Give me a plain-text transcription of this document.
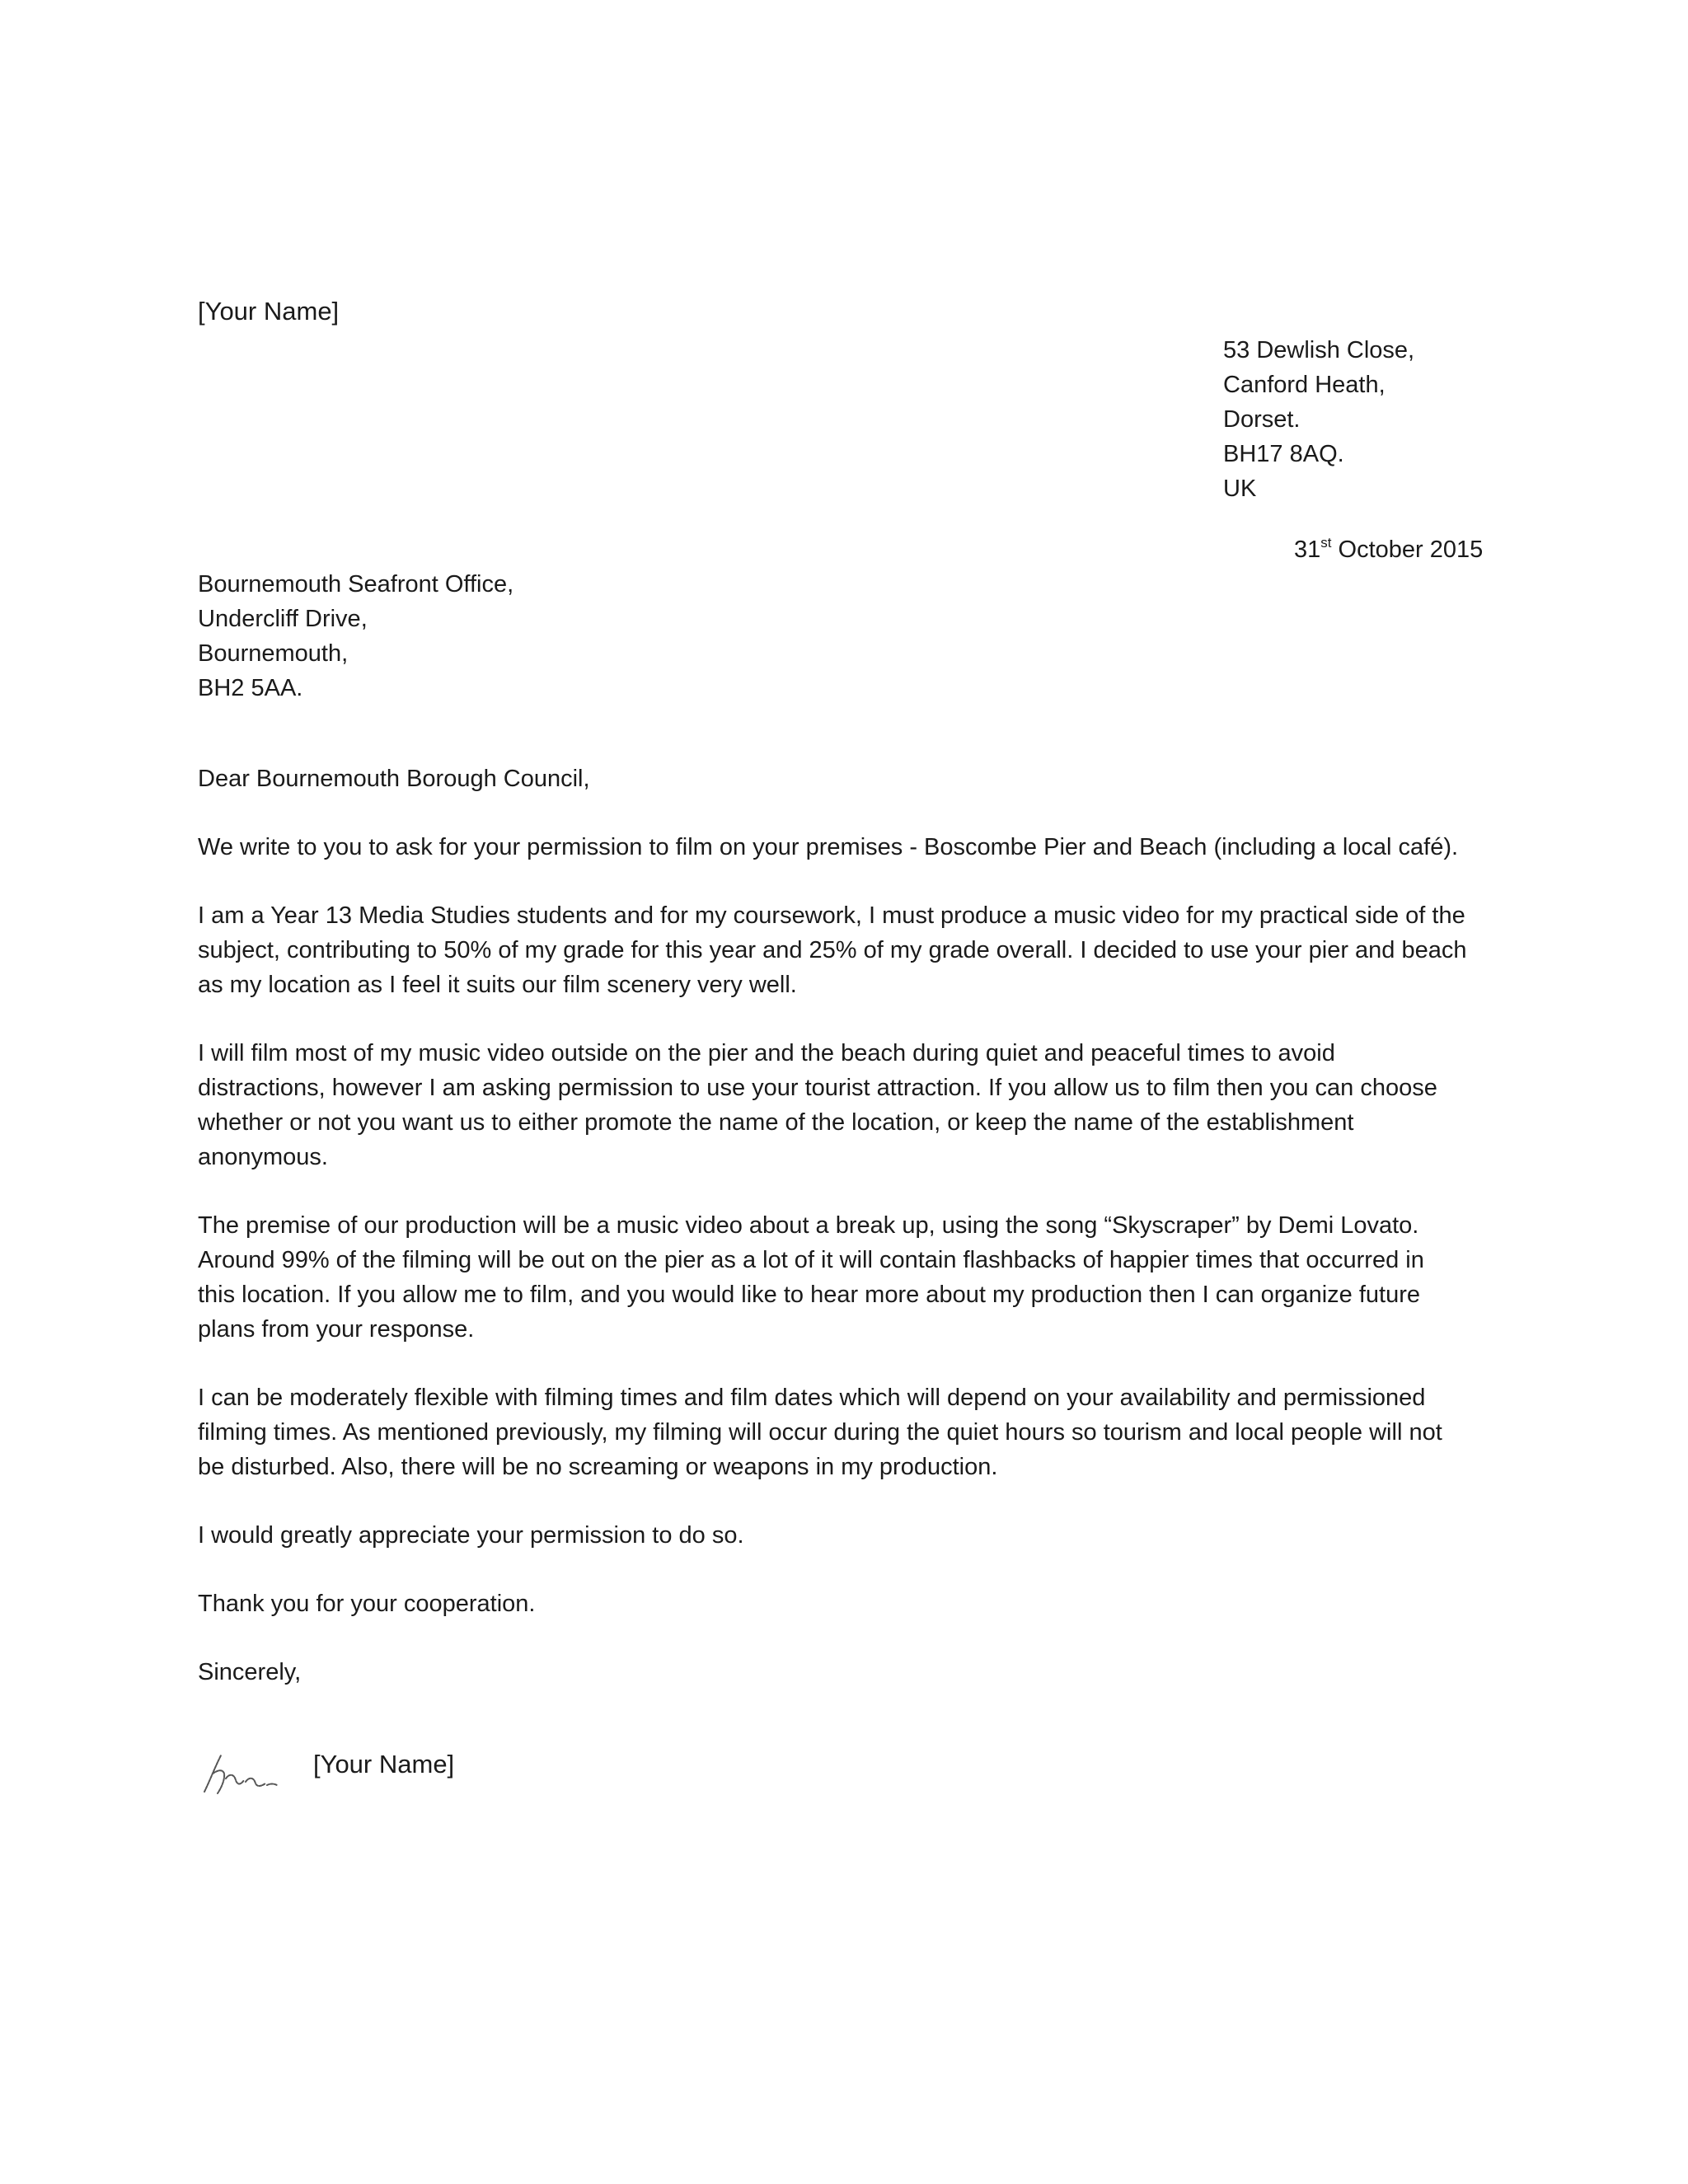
[Your Name]
53 Dewlish Close,
Canford Heath,
Dorset.
BH17 8AQ.
UK
31st October 2015
Bournemouth Seafront Office,
Undercliff Drive,
Bournemouth,
BH2 5AA.

Dear Bournemouth Borough Council,

We write to you to ask for your permission to film on your premises - Boscombe Pier and Beach (including a local café).

I am a Year 13 Media Studies students and for my coursework, I must produce a music video for my practical side of the
subject, contributing to 50% of my grade for this year and 25% of my grade overall. I decided to use your pier and beach
as my location as I feel it suits our film scenery very well.

I will film most of my music video outside on the pier and the beach during quiet and peaceful times to avoid
distractions, however I am asking permission to use your tourist attraction. If you allow us to film then you can choose
whether or not you want us to either promote the name of the location, or keep the name of the establishment
anonymous.

The premise of our production will be a music video about a break up, using the song “Skyscraper” by Demi Lovato.
Around 99% of the filming will be out on the pier as a lot of it will contain flashbacks of happier times that occurred in
this location. If you allow me to film, and you would like to hear more about my production then I can organize future
plans from your response.

I can be moderately flexible with filming times and film dates which will depend on your availability and permissioned
filming times. As mentioned previously, my filming will occur during the quiet hours so tourism and local people will not
be disturbed. Also, there will be no screaming or weapons in my production.

I would greatly appreciate your permission to do so.

Thank you for your cooperation.

Sincerely,

[Your Name]
